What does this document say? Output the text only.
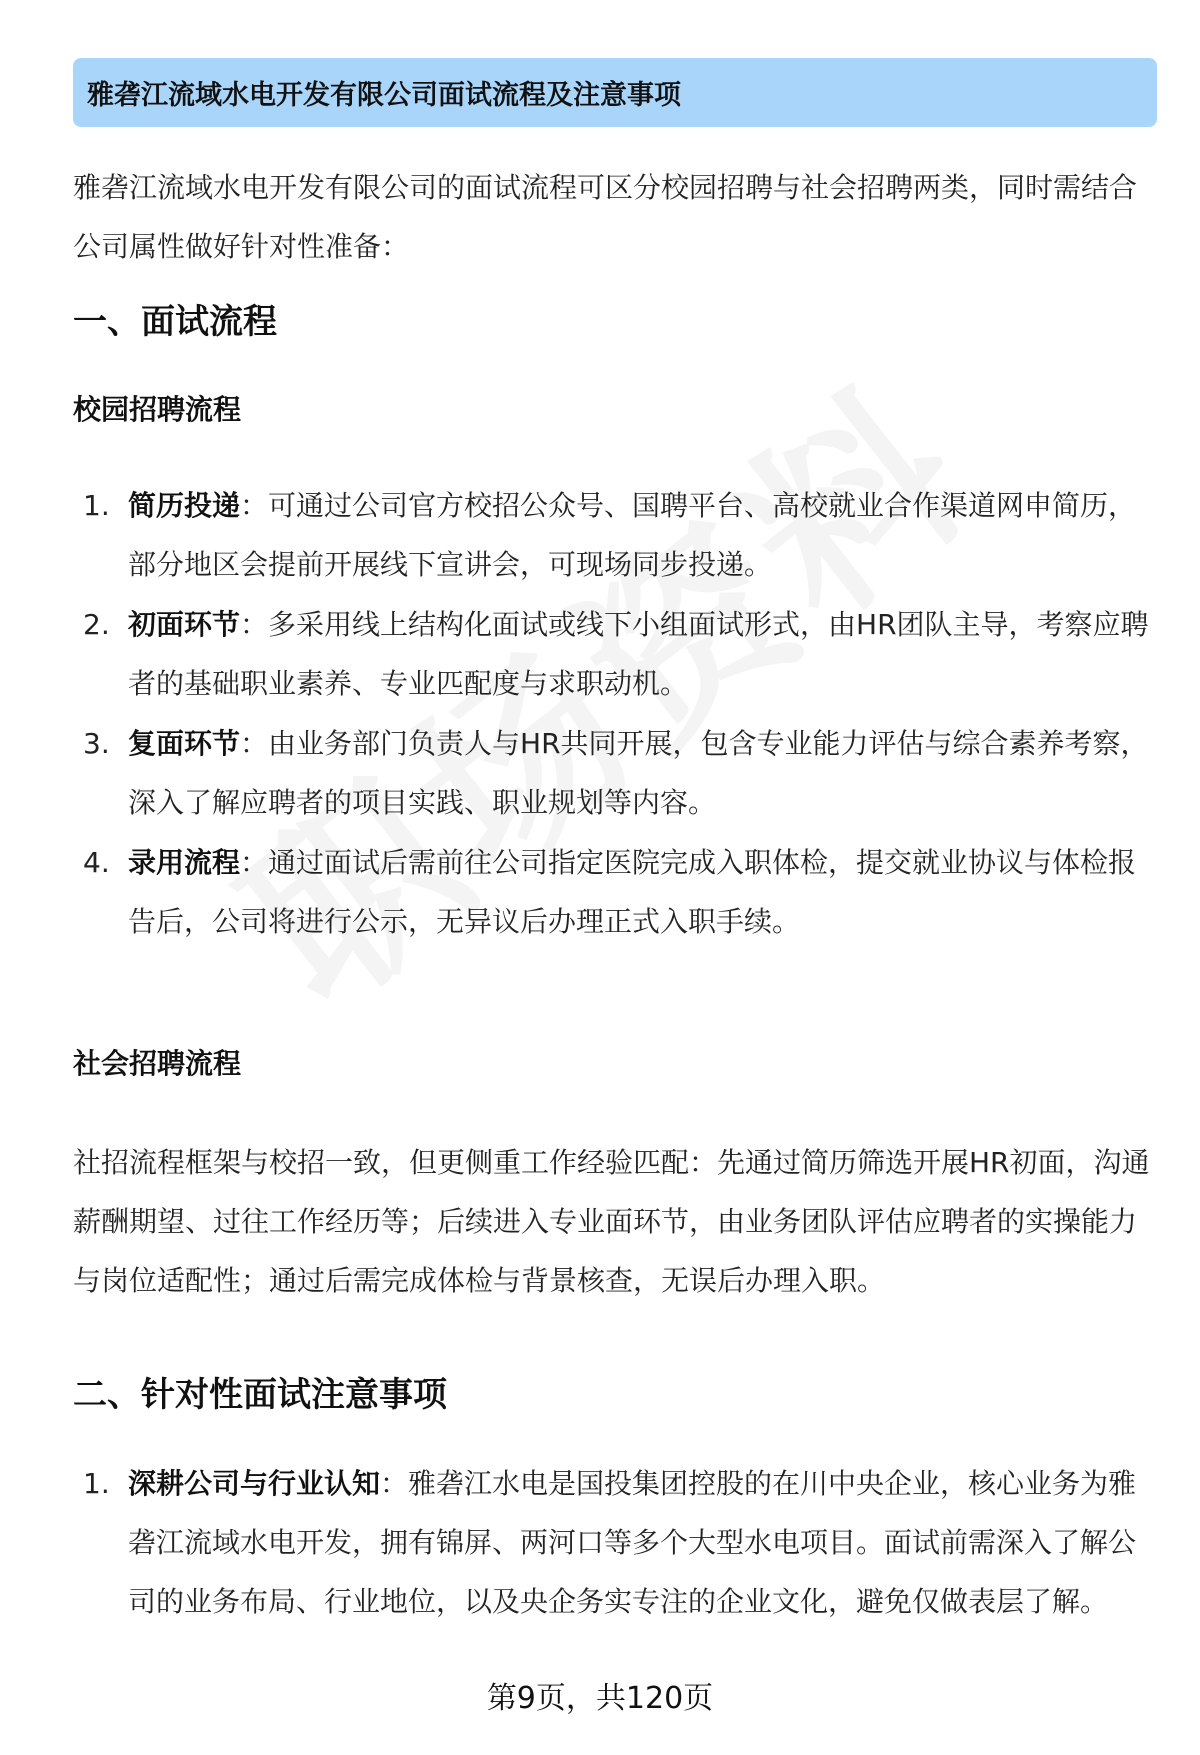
雅砻江流域水电开发有限公司面试流程及注意事项

雅砻江流域水电开发有限公司的面试流程可区分校园招聘与社会招聘两类，同时需结合公司属性做好针对性准备：

一、面试流程
校园招聘流程
1. 简历投递：可通过公司官方校招公众号、国聘平台、高校就业合作渠道网申简历，部分地区会提前开展线下宣讲会，可现场同步投递。
2. 初面环节：多采用线上结构化面试或线下小组面试形式，由HR团队主导，考察应聘者的基础职业素养、专业匹配度与求职动机。
3. 复面环节：由业务部门负责人与HR共同开展，包含专业能力评估与综合素养考察，深入了解应聘者的项目实践、职业规划等内容。
4. 录用流程：通过面试后需前往公司指定医院完成入职体检，提交就业协议与体检报告后，公司将进行公示，无异议后办理正式入职手续。
社会招聘流程

社招流程框架与校招一致，但更侧重工作经验匹配：先通过简历筛选开展HR初面，沟通薪酬期望、过往工作经历等；后续进入专业面环节，由业务团队评估应聘者的实操能力与岗位适配性；通过后需完成体检与背景核查，无误后办理入职。

二、针对性面试注意事项
1. 深耕公司与行业认知：雅砻江水电是国投集团控股的在川中央企业，核心业务为雅砻江流域水电开发，拥有锦屏、两河口等多个大型水电项目。面试前需深入了解公司的业务布局、行业地位，以及央企务实专注的企业文化，避免仅做表层了解。
第9页，共120页
